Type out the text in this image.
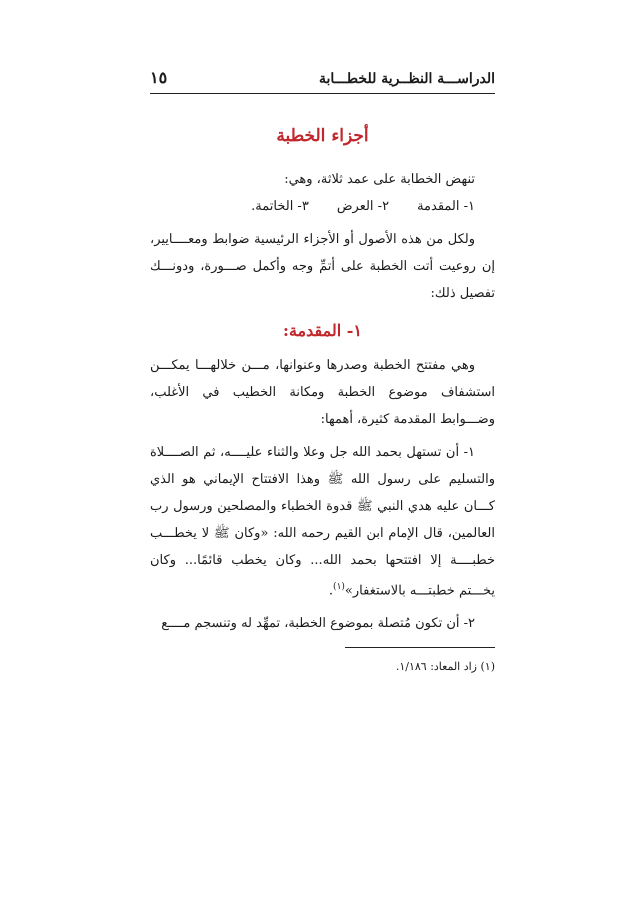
الدراســـة النظــرية للخطـــابة
١٥
أجزاء الخطبة

تنهض الخطابة على عمد ثلاثة، وهي:

١- المقدمة
٢- العرض
٣- الخاتمة.

ولكل من هذه الأصول أو الأجزاء الرئيسية ضوابط ومعــــايير، إن روعيت أتت الخطبة على أتمِّ وجه وأكمل صـــورة، ودونـــك تفصيل ذلك:

١- المقدمة:

وهي مفتتح الخطبة وصدرها وعنوانها، مـــن خلالهـــا يمكـــن استشفاف موضوع الخطبة ومكانة الخطيب في الأغلب، وضـــوابط المقدمة كثيرة، أهمها:

١- أن تستهل بحمد الله جل وعلا والثناء عليــــه، ثم الصــــلاة والتسليم على رسول الله ﷺ وهذا الافتتاح الإيماني هو الذي كـــان عليه هدي النبي ﷺ قدوة الخطباء والمصلحين ورسول رب العالمين، قال الإمام ابن القيم رحمه الله: «وكان ﷺ لا يخطـــب خطبــــة إلا افتتحها بحمد الله... وكان يخطب قائمًا... وكان يخـــتم خطبتـــه بالاستغفار»$^{(١)}$.

٢- أن تكون مُتصلة بموضوع الخطبة، تمهِّد له وتنسجم مــــع

(١) زاد المعاد: ١/١٨٦.
